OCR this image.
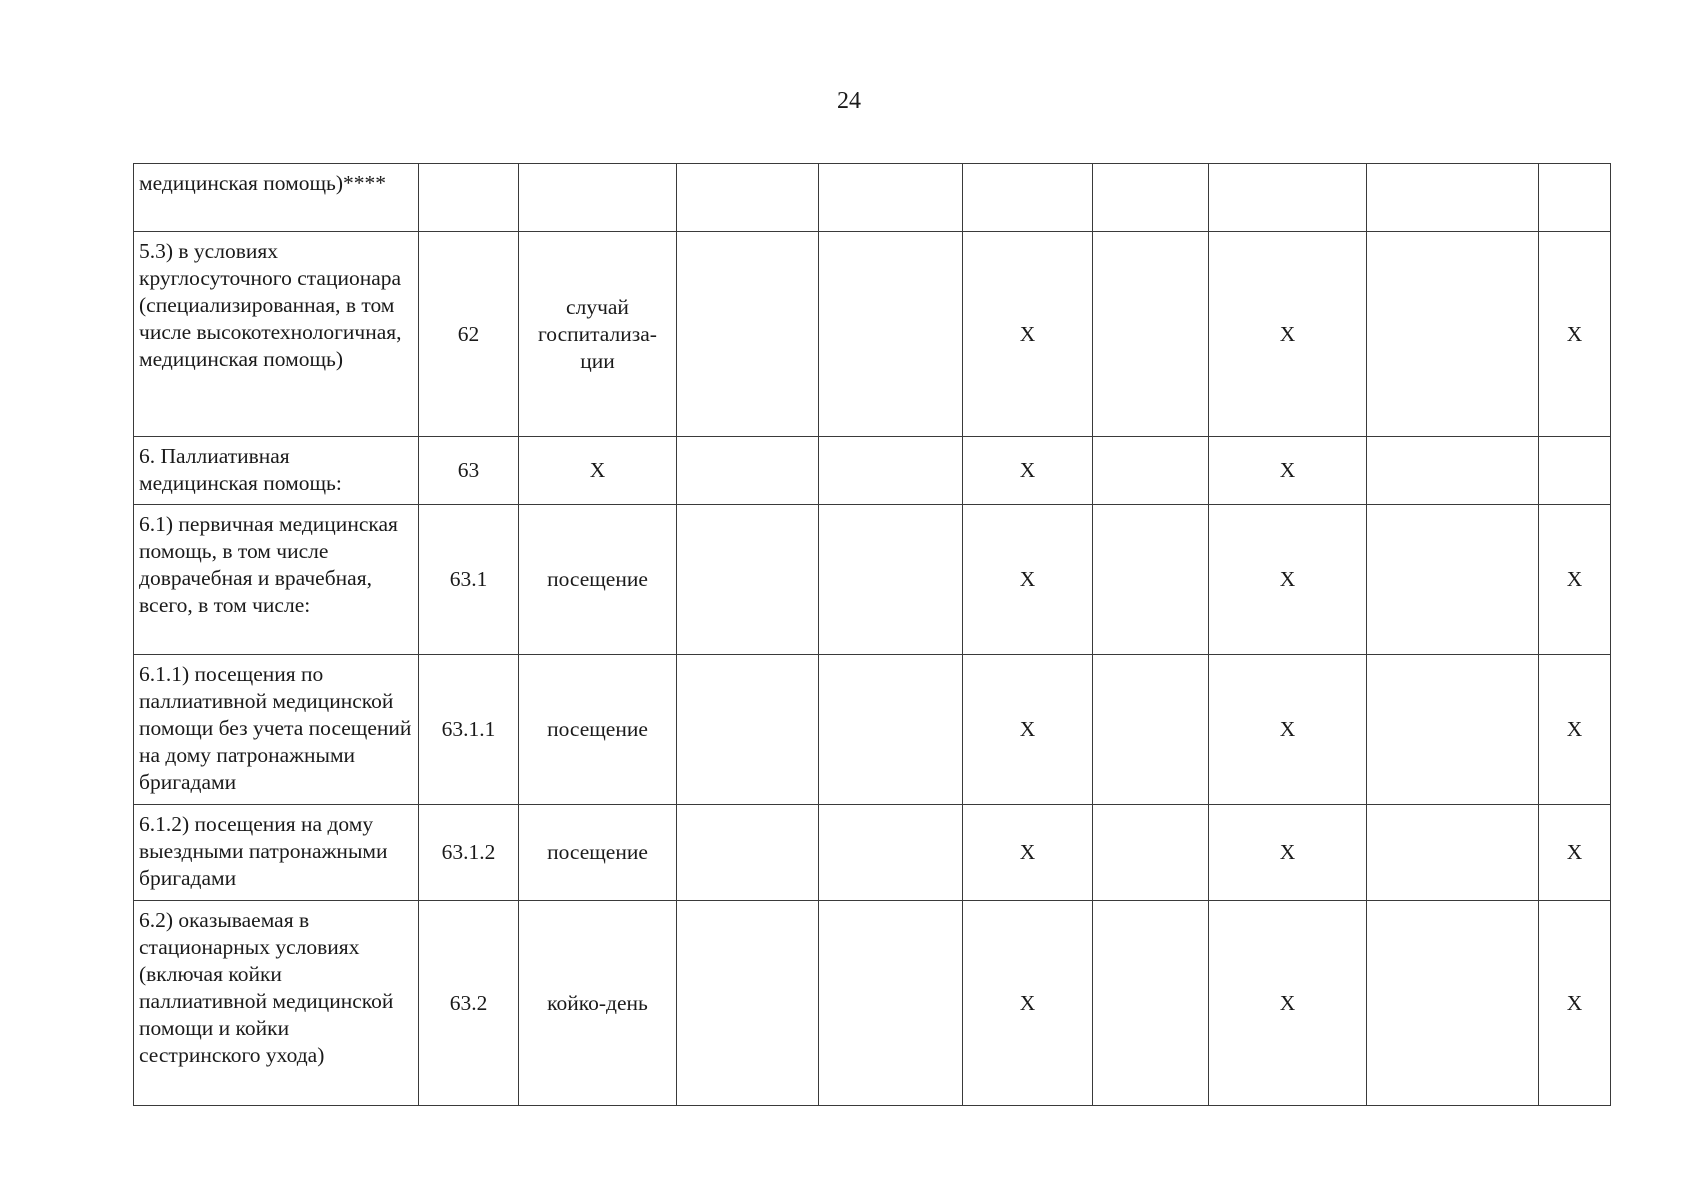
24
медицинская помощь)****									
5.3) в условиях круглосуточного стационара (специализированная, в том числе высокотехнологичная, медицинская помощь)	62	случай госпитализа-ции			X		X		X
6. Паллиативная медицинская помощь:	63	X			X		X		
6.1) первичная медицинская помощь, в том числе доврачебная и врачебная, всего, в том числе:	63.1	посещение			X		X		X
6.1.1) посещения по паллиативной медицинской помощи без учета посещений на дому патронажными бригадами	63.1.1	посещение			X		X		X
6.1.2) посещения на дому выездными патронажными бригадами	63.1.2	посещение			X		X		X
6.2) оказываемая в стационарных условиях (включая койки паллиативной медицинской помощи и койки сестринского ухода)	63.2	койко-день			X		X		X
